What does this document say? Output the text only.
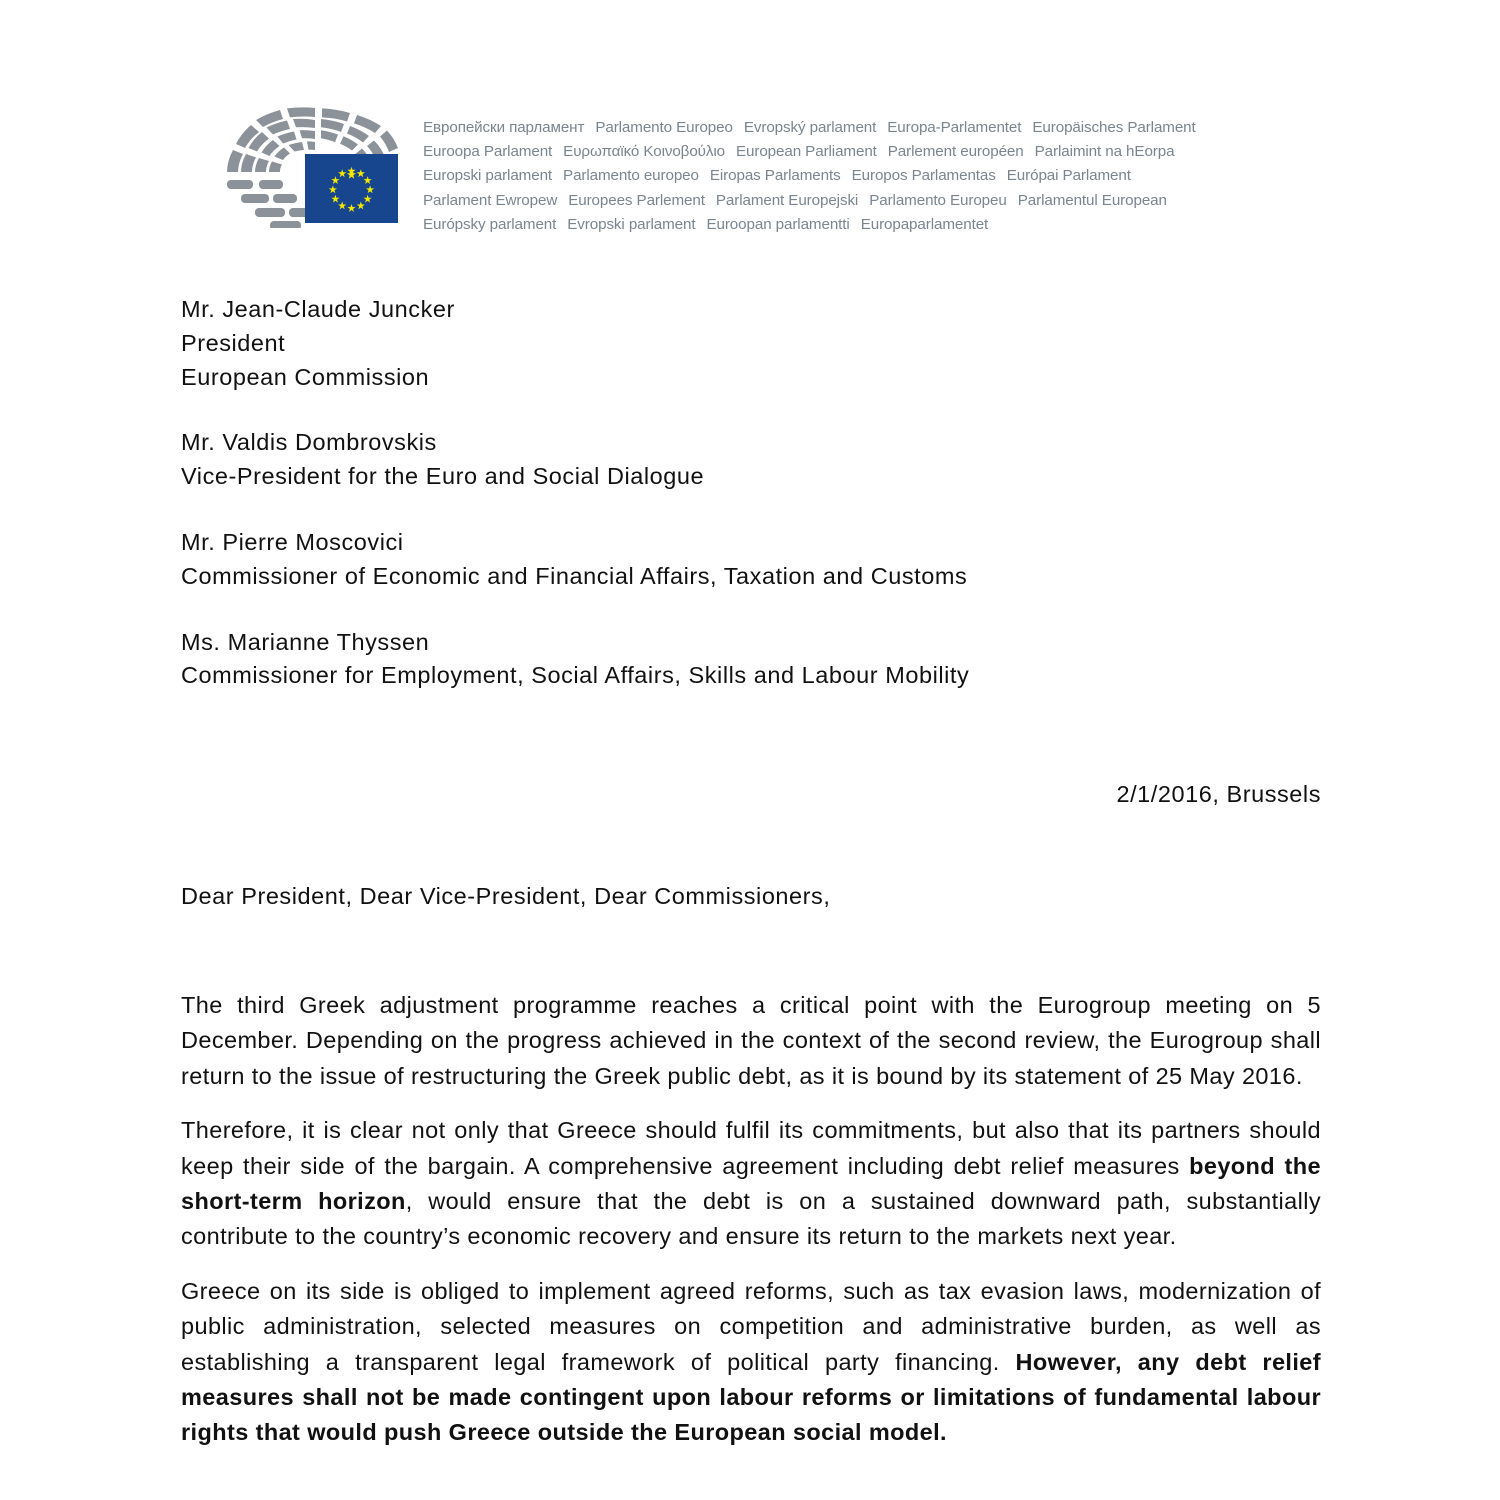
Европейски парламент Parlamento Europeo Evropský parlament Europa-Parlamentet Europäisches Parlament
Euroopa Parlament Ευρωπαϊκό Κοινοβούλιο European Parliament Parlement européen Parlaimint na hEorpa
Europski parlament Parlamento europeo Eiropas Parlaments Europos Parlamentas Európai Parlament
Parlament Ewropew Europees Parlement Parlament Europejski Parlamento Europeu Parlamentul European
Európsky parlament Evropski parlament Euroopan parlamentti Europaparlamentet
Mr. Jean-Claude Juncker
President
European Commission
Mr. Valdis Dombrovskis
Vice-President for the Euro and Social Dialogue
Mr. Pierre Moscovici
Commissioner of Economic and Financial Affairs, Taxation and Customs
Ms. Marianne Thyssen
Commissioner for Employment, Social Affairs, Skills and Labour Mobility
2/1/2016, Brussels
Dear President, Dear Vice-President, Dear Commissioners,

The third Greek adjustment programme reaches a critical point with the Eurogroup meeting on 5 December. Depending on the progress achieved in the context of the second review, the Eurogroup shall return to the issue of restructuring the Greek public debt, as it is bound by its statement of 25 May 2016.

Therefore, it is clear not only that Greece should fulfil its commitments, but also that its partners should keep their side of the bargain. A comprehensive agreement including debt relief measures beyond the short-term horizon, would ensure that the debt is on a sustained downward path, substantially contribute to the country’s economic recovery and ensure its return to the markets next year.

Greece on its side is obliged to implement agreed reforms, such as tax evasion laws, modernization of public administration, selected measures on competition and administrative burden, as well as establishing a transparent legal framework of political party financing. However, any debt relief measures shall not be made contingent upon labour reforms or limitations of fundamental labour rights that would push Greece outside the European social model.
